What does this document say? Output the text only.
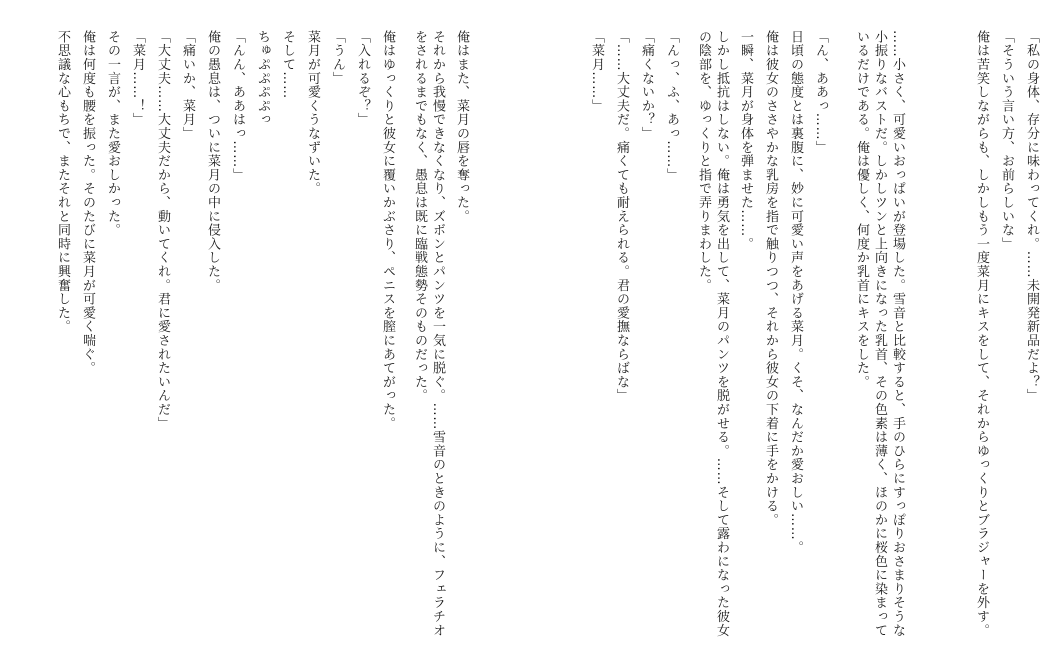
「私の身体、存分に味わってくれ。……未開発新品だよ？」

「そういう言い方、お前らしいな」

俺は苦笑しながらも、しかしもう一度菜月にキスをして、それからゆっくりとブラジャーを外す。

……小さく、可愛いおっぱいが登場した。雪音と比較すると、手のひらにすっぽりおさまりそうな小振りなバストだ。しかしツンと上向きになった乳首、その色素は薄く、ほのかに桜色に染まっているだけである。俺は優しく、何度か乳首にキスをした。

「ん、ああっ……」

日頃の態度とは裏腹に、妙に可愛い声をあげる菜月。くそ、なんだか愛おしい……。

俺は彼女のささやかな乳房を指で触りつつ、それから彼女の下着に手をかける。

一瞬、菜月が身体を弾ませた……。

しかし抵抗はしない。俺は勇気を出して、菜月のパンツを脱がせる。……そして露わになった彼女の陰部を、ゆっくりと指で弄りまわした。

「んっ、ふ、あっ……」

「痛くないか？」

「……大丈夫だ。痛くても耐えられる。君の愛撫ならばな」

「菜月……」

俺はまた、菜月の唇を奪った。

それから我慢できなくなり、ズボンとパンツを一気に脱ぐ。……雪音のときのように、フェラチオをされるまでもなく、愚息は既に臨戦態勢そのものだった。

俺はゆっくりと彼女に覆いかぶさり、ペニスを膣にあてがった。

「入れるぞ？」

「うん」

菜月が可愛くうなずいた。

そして……

ちゅぷぷぷぷっ

「んん、ああはっ……」

俺の愚息は、ついに菜月の中に侵入した。

「痛いか、菜月」

「大丈夫……大丈夫だから、動いてくれ。君に愛されたいんだ」

「菜月……！」

その一言が、また愛おしかった。

俺は何度も腰を振った。そのたびに菜月が可愛く喘ぐ。

不思議な心もちで、またそれと同時に興奮した。
